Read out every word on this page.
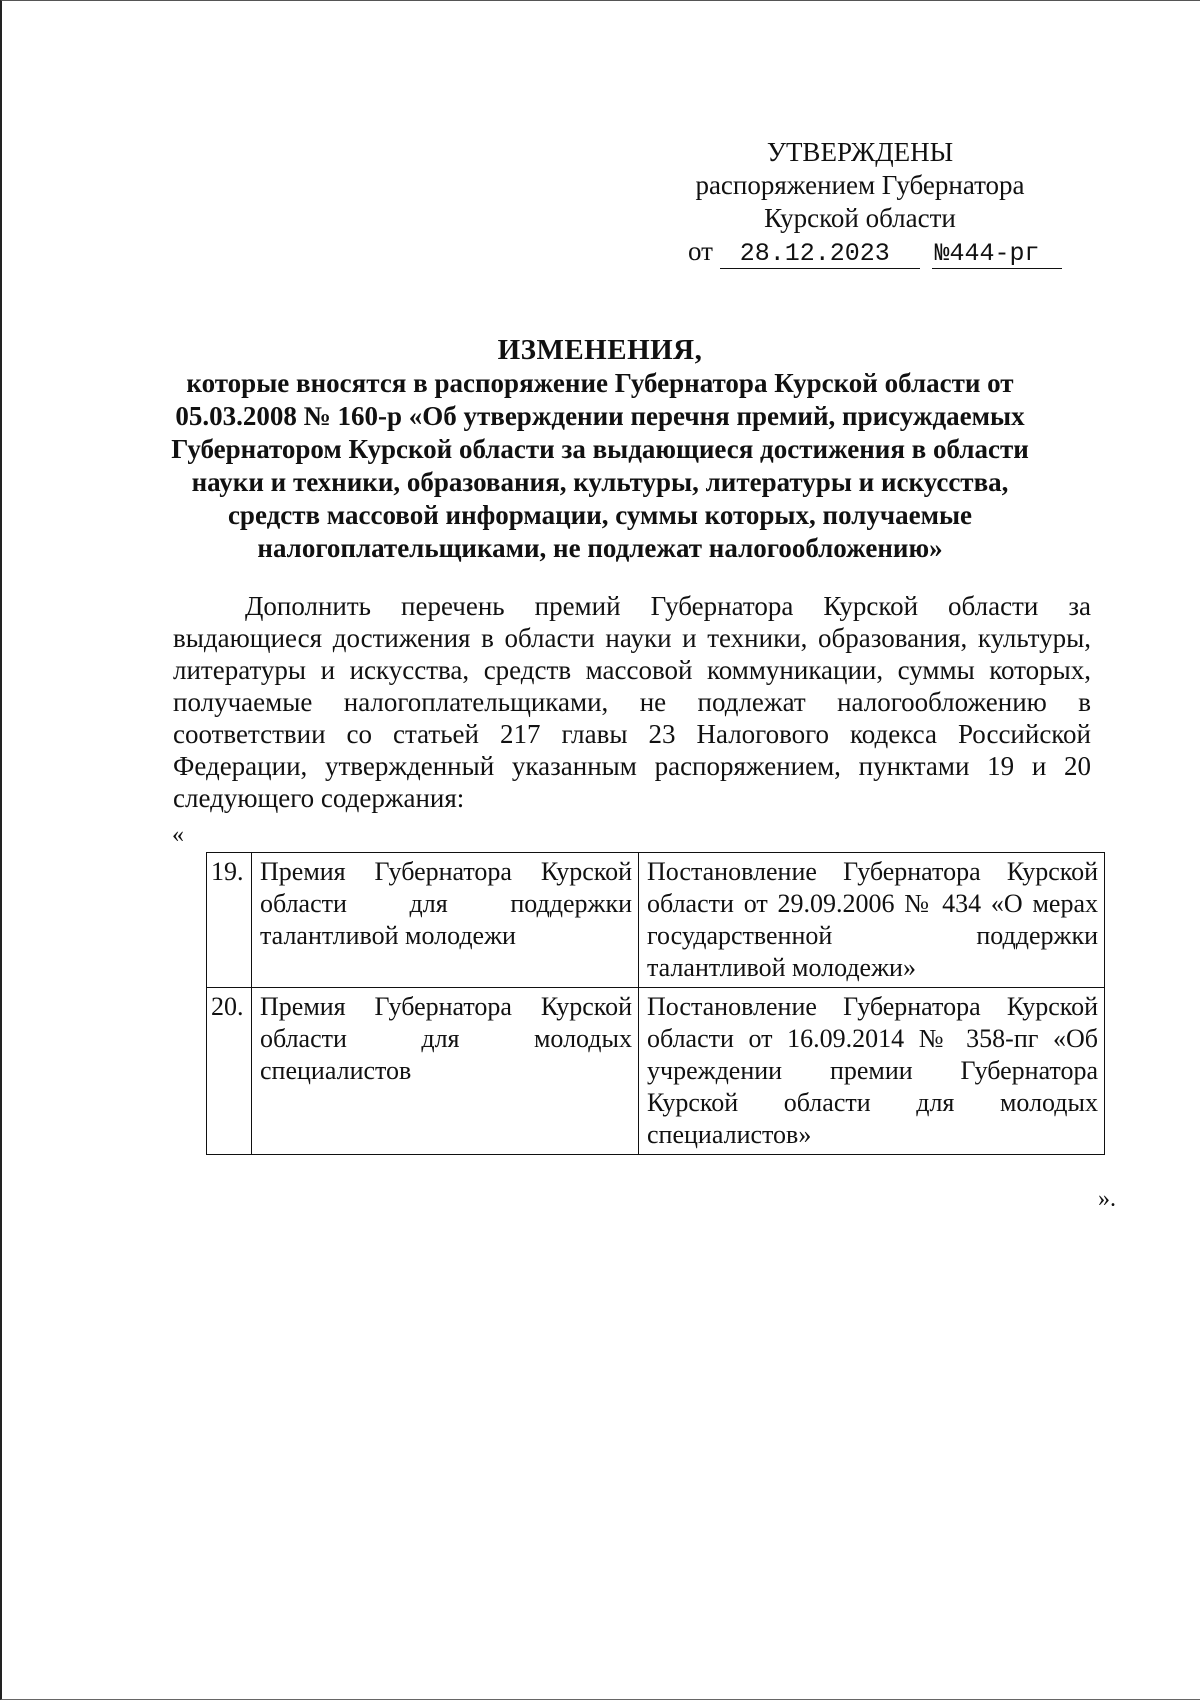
УТВЕРЖДЕНЫ
распоряжением Губернатора
Курской области
от 28.12.2023 №444-рг
ИЗМЕНЕНИЯ,
которые вносятся в распоряжение Губернатора Курской области от 05.03.2008 № 160-р «Об утверждении перечня премий, присуждаемых Губернатором Курской области за выдающиеся достижения в области науки и техники, образования, культуры, литературы и искусства, средств массовой информации, суммы которых, получаемые налогоплательщиками, не подлежат налогообложению»

Дополнить перечень премий Губернатора Курской области за выдающиеся достижения в области науки и техники, образования, культуры, литературы и искусства, средств массовой коммуникации, суммы которых, получаемые налогоплательщиками, не подлежат налогообложению в соответствии со статьей 217 главы 23 Налогового кодекса Российской Федерации, утвержденный указанным распоряжением, пунктами 19 и 20 следующего содержания:

«
19.	Премия Губернатора Курской области для поддержки талантливой молодежи	Постановление Губернатора Курской области от 29.09.2006 № 434 «О мерах государственной поддержки талантливой молодежи»
20.	Премия Губернатора Курской области для молодых специалистов	Постановление Губернатора Курской области от 16.09.2014 № 358-пг «Об учреждении премии Губернатора Курской области для молодых специалистов»
».
